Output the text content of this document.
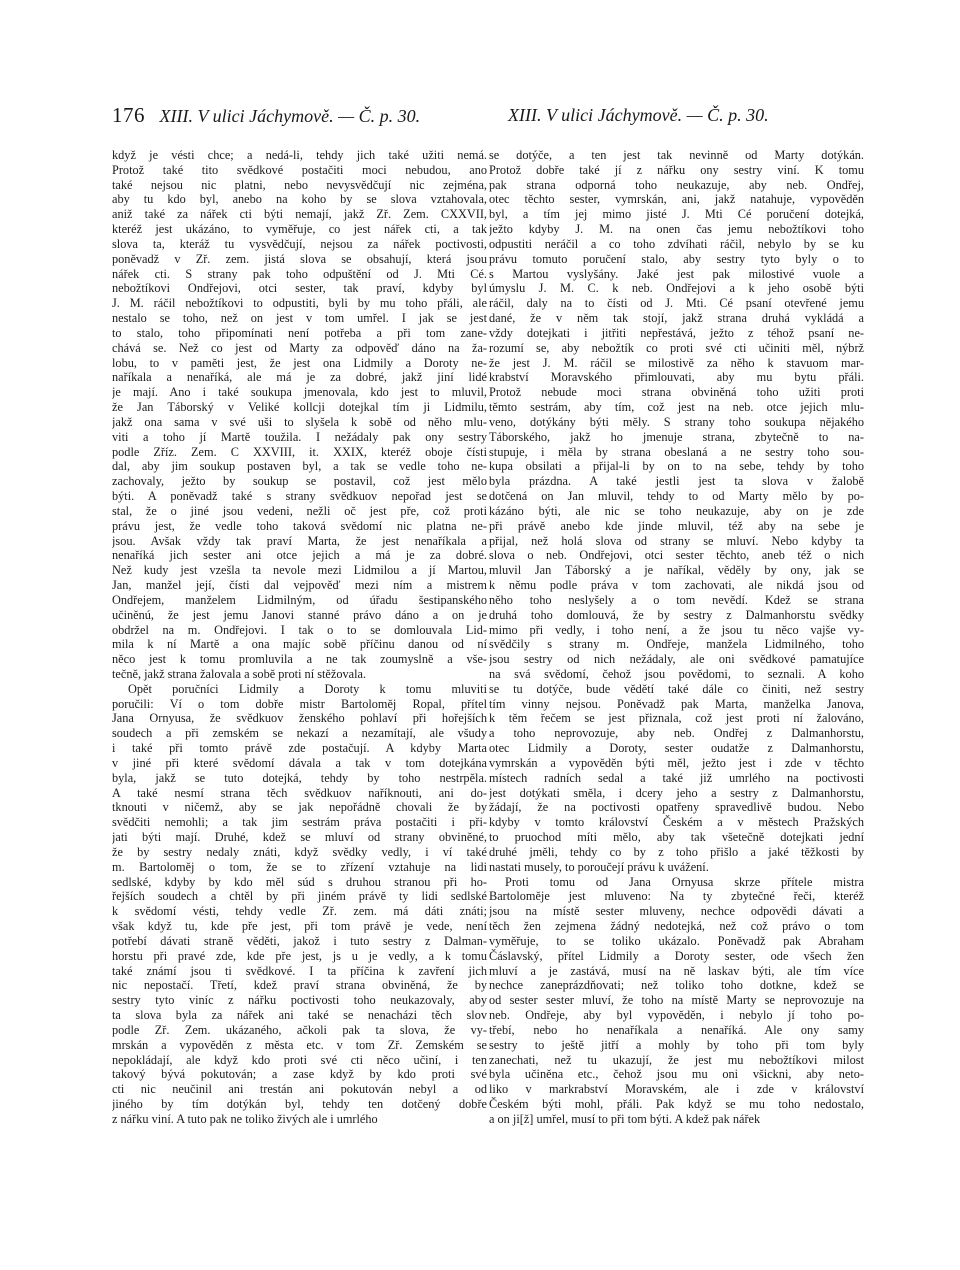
176 XIII. V ulici Jáchymově. — Č. p. 30.	XIII. V ulici Jáchymově. — Č. p. 30.
když je vésti chce; a nedá-li, tehdy jich také užiti nemá.
Protož také tito svědkové postačiti moci nebudou, ano
také nejsou nic platni, nebo nevysvědčují nic zejména,
aby tu kdo byl, anebo na koho by se slova vztahovala,
aniž také za nářek cti býti nemají, jakž Zř. Zem. CXXVII,
kteréž jest ukázáno, to vyměřuje, co jest nářek cti, a tak
slova ta, kteráž tu vysvědčují, nejsou za nářek poctivosti,
poněvadž v Zř. zem. jistá slova se obsahují, která jsou
nářek cti. S strany pak toho odpuštění od J. Mti Cé.
nebožtíkovi Ondřejovi, otci sester, tak praví, kdyby byl
J. M. ráčil nebožtíkovi to odpustiti, byli by mu toho přáli, ale
nestalo se toho, než on jest v tom umřel. I jak se jest
to stalo, toho připomínati není potřeba a při tom zane-
chává se. Než co jest od Marty za odpověď dáno na ža-
lobu, to v paměti jest, že jest ona Lidmily a Doroty ne-
naříkala a nenaříká, ale má je za dobré, jakž jiní lidé
je mají. Ano i také soukupa jmenovala, kdo jest to mluvil,
že Jan Táborský v Veliké kollcji dotejkal tím ji Lidmilu,
jakž ona sama v své uši to slyšela k sobě od něho mlu-
viti a toho jí Martě toužila. I nežádaly pak ony sestry
podle Zříz. Zem. C XXVIII, it. XXIX, kteréž oboje čísti
dal, aby jim soukup postaven byl, a tak se vedle toho ne-
zachovaly, ježto by soukup se postavil, což jest mělo
býti. A poněvadž také s strany svědkuov nepořad jest se
stal, že o jiné jsou vedeni, nežli oč jest pře, což proti
právu jest, že vedle toho taková svědomí nic platna ne-
jsou. Avšak vždy tak praví Marta, že jest nenaříkala a
nenaříká jich sester ani otce jejich a má je za dobré.
Než kudy jest vzešla ta nevole mezi Lidmilou a jí Martou,
Jan, manžel její, čísti dal vejpověď mezi ním a mistrem
Ondřejem, manželem Lidmilným, od úřadu šestipanského
učiněnú, že jest jemu Janovi stanné právo dáno a on je
obdržel na m. Ondřejovi. I tak o to se domlouvala Lid-
mila k ní Martě a ona majíc sobě příčinu danou od ní
něco jest k tomu promluvila a ne tak zoumyslně a vše-
tečně, jakž strana žalovala a sobě proti ní stěžovala.
Opět poručníci Lidmily a Doroty k tomu mluviti
poručili: Ví o tom dobře mistr Bartoloměj Ropal, přítel
Jana Ornyusa, že svědkuov ženského pohlaví při hořejších
soudech a při zemském se nekazí a nezamítají, ale všudy
i také při tomto právě zde postačují. A kdyby Marta
v jiné při které svědomí dávala a tak v tom dotejkána
byla, jakž se tuto dotejká, tehdy by toho nestrpěla.
A také nesmí strana těch svědkuov naříknouti, ani do-
tknouti v ničemž, aby se jak nepořádně chovali že by
svědčiti nemohli; a tak jim sestrám práva postačiti i při-
jati býti mají. Druhé, kdež se mluví od strany obviněné,
že by sestry nedaly znáti, když svědky vedly, i ví také
m. Bartoloměj o tom, že se to zřízení vztahuje na lidi
sedlské, kdyby by kdo měl súd s druhou stranou při ho-
řejších soudech a chtěl by při jiném právě ty lidi sedlské
k svědomí vésti, tehdy vedle Zř. zem. má dáti znáti;
však když tu, kde pře jest, při tom právě je vede, není
potřebí dávati straně věděti, jakož i tuto sestry z Dalman-
horstu při pravé zde, kde pře jest, js u je vedly, a k tomu
také známí jsou ti svědkové. I ta příčina k zavření jich
nic nepostačí. Třetí, kdež praví strana obviněná, že by
sestry tyto viníc z nářku poctivosti toho neukazovaly, aby
ta slova byla za nářek ani také se nenacházi těch slov
podle Zř. Zem. ukázaného, ačkoli pak ta slova, že vy-
mrskán a vypověděn z města etc. v tom Zř. Zemském se
nepokládají, ale když kdo proti své cti něco učiní, i ten
takový bývá pokutován; a zase když by kdo proti své
cti nic neučinil ani trestán ani pokutován nebyl a od
jiného by tím dotýkán byl, tehdy ten dotčený dobře
z nářku viní. A tuto pak ne toliko živých ale i umrlého
se dotýče, a ten jest tak nevinně od Marty dotýkán.
Protož dobře také jí z nářku ony sestry viní. K tomu
pak strana odporná toho neukazuje, aby neb. Ondřej,
otec těchto sester, vymrskán, ani, jakž natahuje, vypověděn
byl, a tím jej mimo jisté J. Mti Cé poručení dotejká,
ježto kdyby J. M. na onen čas jemu nebožtíkovi toho
odpustiti neráčil a co toho zdvíhati ráčil, nebylo by se ku
právu tomuto poručení stalo, aby sestry tyto byly o to
s Martou vyslyšány. Jaké jest pak milostivé vuole a
úmyslu J. M. C. k neb. Ondřejovi a k jeho osobě býti
ráčil, daly na to čísti od J. Mti. Cé psaní otevřené jemu
dané, že v něm tak stojí, jakž strana druhá vykládá a
vždy dotejkati i jitřiti nepřestává, ježto z téhož psaní ne-
rozumí se, aby nebožtík co proti své cti učiniti měl, nýbrž
že jest J. M. ráčil se milostivě za něho k stavuom mar-
krabství Moravského přimlouvati, aby mu bytu přáli.
Protož nebude moci strana obviněná toho užiti proti
těmto sestrám, aby tím, což jest na neb. otce jejich mlu-
veno, dotýkány býti měly. S strany toho soukupa nějakého
Táborského, jakž ho jmenuje strana, zbytečně to na-
stupuje, i měla by strana obeslaná a ne sestry toho sou-
kupa obsilati a přijal-li by on to na sebe, tehdy by toho
byla prázdna. A také jestli jest ta slova v žalobě
dotčená on Jan mluvil, tehdy to od Marty mělo by po-
kázáno býti, ale nic se toho neukazuje, aby on je zde
při právě anebo kde jinde mluvil, též aby na sebe je
přijal, než holá slova od strany se mluví. Nebo kdyby ta
slova o neb. Ondřejovi, otci sester těchto, aneb též o nich
mluvil Jan Táborský a je naříkal, věděly by ony, jak se
k němu podle práva v tom zachovati, ale nikdá jsou od
něho toho neslyšely a o tom nevědí. Kdež se strana
druhá toho domlouvá, že by sestry z Dalmanhorstu svědky
mimo při vedly, i toho není, a že jsou tu něco vajše vy-
svědčily s strany m. Ondřeje, manžela Lidmilného, toho
jsou sestry od nich nežádaly, ale oni svědkové pamatujíce
na svá svědomí, čehož jsou povědomi, to seznali. A koho
se tu dotýče, bude vědětí také dále co činiti, než sestry
tím vinny nejsou. Poněvadž pak Marta, manželka Janova,
k těm řečem se jest přiznala, což jest proti ní žalováno,
a toho neprovozuje, aby neb. Ondřej z Dalmanhorstu,
otec Lidmily a Doroty, sester oudatže z Dalmanhorstu,
vymrskán a vypověděn býti měl, ježto jest i zde v těchto
místech radních sedal a také již umrlého na poctivosti
jest dotýkati směla, i dcery jeho a sestry z Dalmanhorstu,
žádají, že na poctivosti opatřeny spravedlivě budou. Nebo
kdyby v tomto království Českém a v městech Pražských
to pruochod míti mělo, aby tak všetečně dotejkati jední
druhé jměli, tehdy co by z toho přišlo a jaké těžkosti by
nastati musely, to poroučejí právu k uvážení.
Proti tomu od Jana Ornyusa skrze přítele mistra
Bartoloměje jest mluveno: Na ty zbytečné řeči, kteréž
jsou na místě sester mluveny, nechce odpovědi dávati a
těch žen zejmena žádný nedotejká, než což právo o tom
vyměřuje, to se toliko ukázalo. Poněvadž pak Abraham
Čáslavský, přítel Lidmily a Doroty sester, ode všech žen
mluví a je zastává, musí na ně laskav býti, ale tím více
nechce zaneprázdňovati; než toliko toho dotkne, kdež se
od sester sester mluví, že toho na místě Marty se neprovozuje na
neb. Ondřeje, aby byl vypověděn, i nebylo jí toho po-
třebí, nebo ho nenaříkala a nenaříká. Ale ony samy
sestry to ještě jitří a mohly by toho při tom byly
zanechati, než tu ukazují, že jest mu nebožtíkovi milost
byla učiněna etc., čehož jsou mu oni všickni, aby neto-
liko v markrabství Moravském, ale i zde v království
Českém býti mohl, přáli. Pak když se mu toho nedostalo,
a on ji[ž] umřel, musí to při tom býti. A kdež pak nářek
